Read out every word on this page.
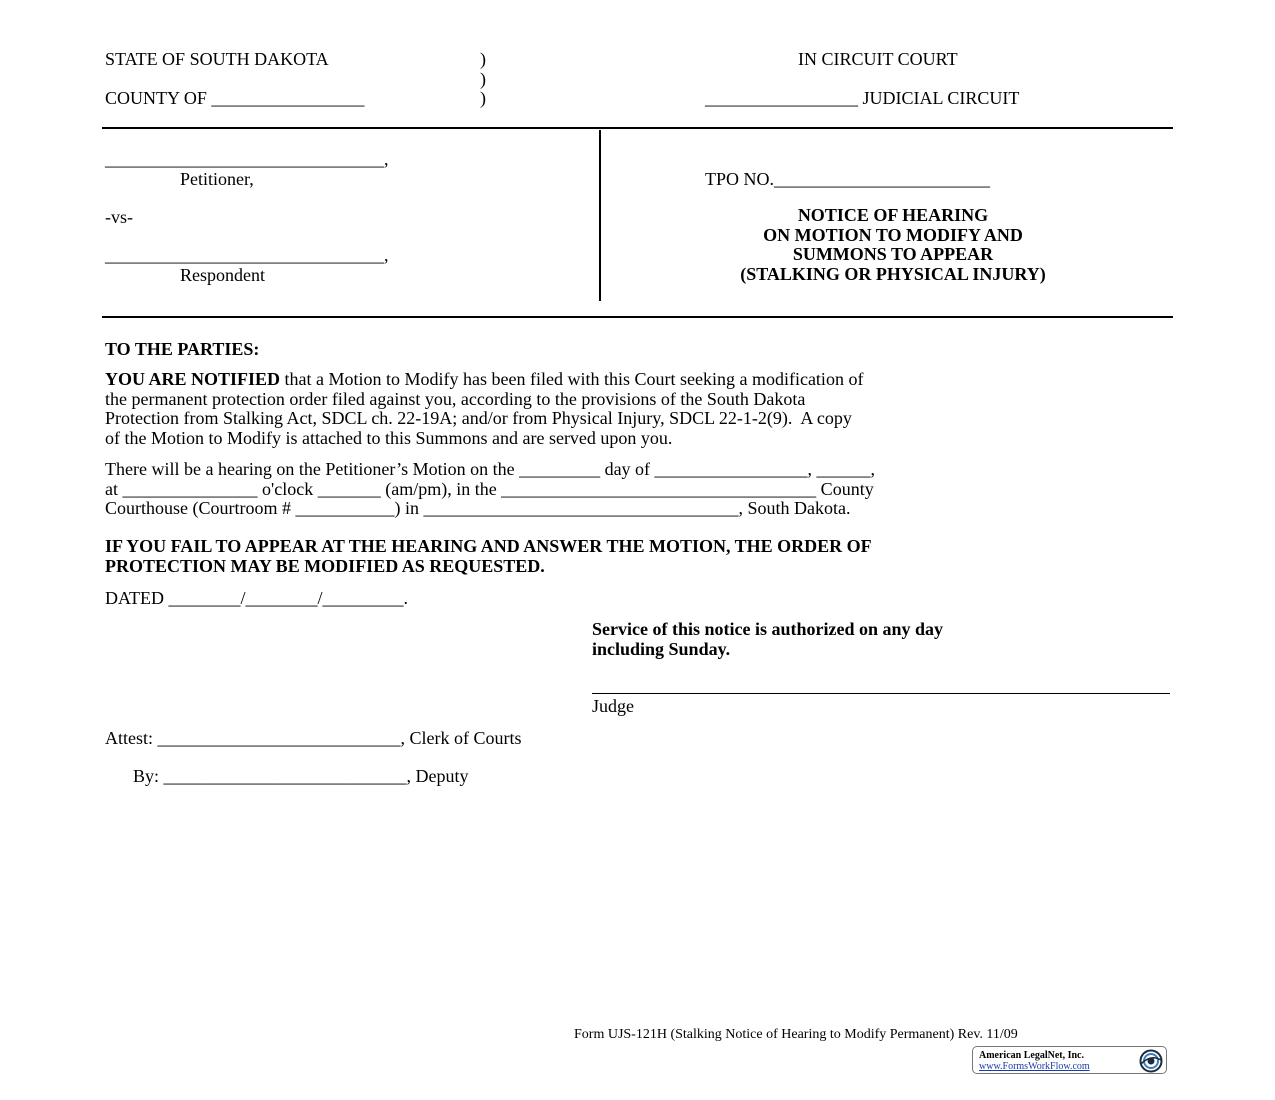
STATE OF SOUTH DAKOTA	)
)
COUNTY OF _________________	)
IN CIRCUIT COURT
_________________ JUDICIAL CIRCUIT
_______________________________,
Petitioner,
-vs-
_______________________________,
Respondent
TPO NO.________________________
NOTICE OF HEARING
ON MOTION TO MODIFY AND
SUMMONS TO APPEAR
(STALKING OR PHYSICAL INJURY)
TO THE PARTIES:
YOU ARE NOTIFIED that a Motion to Modify has been filed with this Court seeking a modification of
the permanent protection order filed against you, according to the provisions of the South Dakota
Protection from Stalking Act, SDCL ch. 22-19A; and/or from Physical Injury, SDCL 22-1-2(9).  A copy
of the Motion to Modify is attached to this Summons and are served upon you.
There will be a hearing on the Petitioner’s Motion on the _________ day of _________________, ______,
at _______________ o'clock _______ (am/pm), in the ___________________________________ County
Courthouse (Courtroom # ___________) in ___________________________________, South Dakota.
IF YOU FAIL TO APPEAR AT THE HEARING AND ANSWER THE MOTION, THE ORDER OF
PROTECTION MAY BE MODIFIED AS REQUESTED.
DATED ________/________/_________.
Service of this notice is authorized on any day
including Sunday.
Judge
Attest: ___________________________, Clerk of Courts
By: ___________________________, Deputy
Form UJS-121H (Stalking Notice of Hearing to Modify Permanent) Rev. 11/09
American LegalNet, Inc.
www.FormsWorkFlow.com
